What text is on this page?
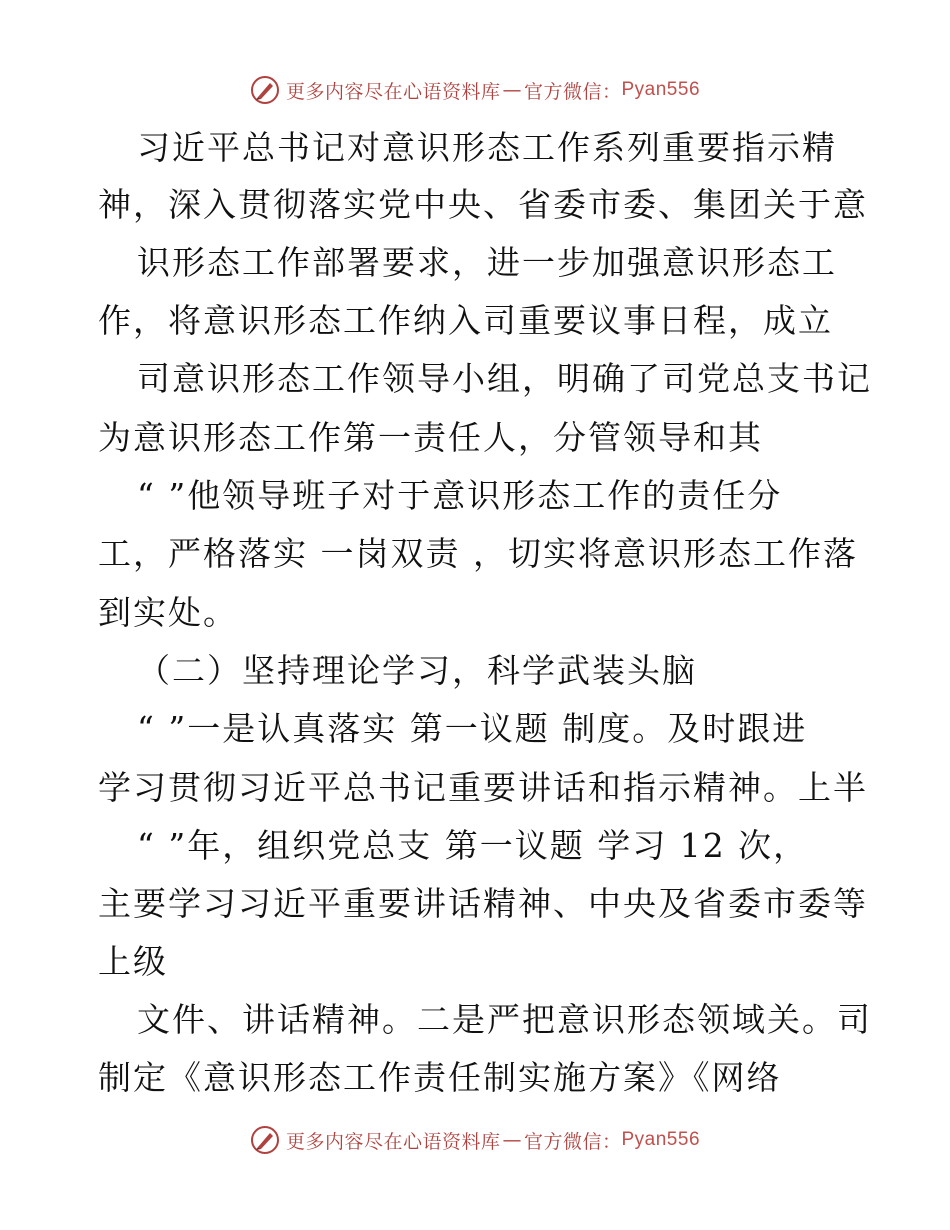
更多内容尽在心语资料库 — 官方微信： Pyan556
习近平总书记对意识形态工作系列重要指示精
神，深入贯彻落实党中央、省委市委、集团关于意
识形态工作部署要求，进一步加强意识形态工
作，将意识形态工作纳入司重要议事日程，成立
司意识形态工作领导小组，明确了司党总支书记
为意识形态工作第一责任人，分管领导和其
“ ”他领导班子对于意识形态工作的责任分
工，严格落实 一岗双责 ，切实将意识形态工作落
到实处。
（二）坚持理论学习，科学武装头脑
“ ”一是认真落实 第一议题 制度。及时跟进
学习贯彻习近平总书记重要讲话和指示精神。上半
“ ”年，组织党总支 第一议题 学习 12 次，
主要学习习近平重要讲话精神、中央及省委市委等
上级
文件、讲话精神。二是严把意识形态领域关。司
制定《意识形态工作责任制实施方案》《网络
更多内容尽在心语资料库 — 官方微信： Pyan556
